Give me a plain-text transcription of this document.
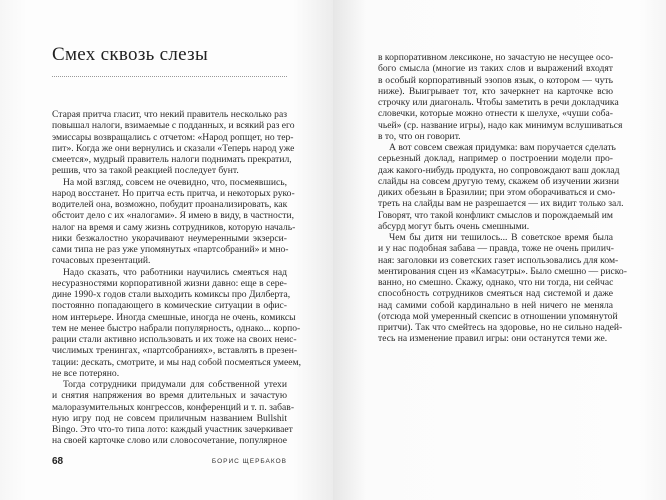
Смех сквозь слезы
Старая притча гласит, что некий правитель несколько раз
повышал налоги, взимаемые с подданных, и всякий раз его
эмиссары возвращались с отчетом: «Народ ропщет, но тер-
пит». Когда же они вернулись и сказали «Теперь народ уже
смеется», мудрый правитель налоги поднимать прекратил,
решив, что за такой реакцией последует бунт.
На мой взгляд, совсем не очевидно, что, посмеявшись,
народ восстанет. Но притча есть притча, и некоторых руко-
водителей она, возможно, побудит проанализировать, как
обстоит дело с их «налогами». Я имею в виду, в частности,
налог на время и саму жизнь сотрудников, которую началь-
ники безжалостно укорачивают неумеренными экзерси-
сами типа не раз уже упомянутых «партсобраний» и мно-
гочасовых презентаций.
Надо сказать, что работники научились смеяться над
несуразностями корпоративной жизни давно: еще в сере-
дине 1990-х годов стали выходить комиксы про Дилберта,
постоянно попадающего в комические ситуации в офис-
ном интерьере. Иногда смешные, иногда не очень, комиксы
тем не менее быстро набрали популярность, однако... корпо-
рации стали активно использовать и их тоже на своих неис-
числимых тренингах, «партсобраниях», вставлять в презен-
тации: дескать, смотрите, и мы над собой посмеяться умеем,
не все потеряно.
Тогда сотрудники придумали для собственной утехи
и снятия напряжения во время длительных и зачастую
малоразумительных конгрессов, конференций и т. п. забав-
ную игру под не совсем приличным названием Bullshit
Bingo. Это что-то типа лото: каждый участник зачеркивает
на своей карточке слово или словосочетание, популярное
68	БОРИС ЩЕРБАКОВ
в корпоративном лексиконе, но зачастую не несущее осо-
бого смысла (многие из таких слов и выражений входят
в особый корпоративный эзопов язык, о котором — чуть
ниже). Выигрывает тот, кто зачеркнет на карточке всю
строчку или диагональ. Чтобы заметить в речи докладчика
словечки, которые можно отнести к шелухе, «чуши соба-
чьей» (ср. название игры), надо как минимум вслушиваться
в то, что он говорит.
А вот совсем свежая придумка: вам поручается сделать
серьезный доклад, например о построении модели про-
даж какого-нибудь продукта, но сопровождают ваш доклад
слайды на совсем другую тему, скажем об изучении жизни
диких обезьян в Бразилии; при этом оборачиваться и смо-
треть на слайды вам не разрешается — их видит только зал.
Говорят, что такой конфликт смыслов и порождаемый им
абсурд могут быть очень смешными.
Чем бы дитя ни тешилось... В советское время была
и у нас подобная забава — правда, тоже не очень прилич-
ная: заголовки из советских газет использовались для ком-
ментирования сцен из «Камасутры». Было смешно — риско-
ванно, но смешно. Скажу, однако, что ни тогда, ни сейчас
способность сотрудников смеяться над системой и даже
над самими собой кардинально в ней ничего не меняла
(отсюда мой умеренный скепсис в отношении упомянутой
притчи). Так что смейтесь на здоровье, но не сильно надей-
тесь на изменение правил игры: они останутся теми же.
